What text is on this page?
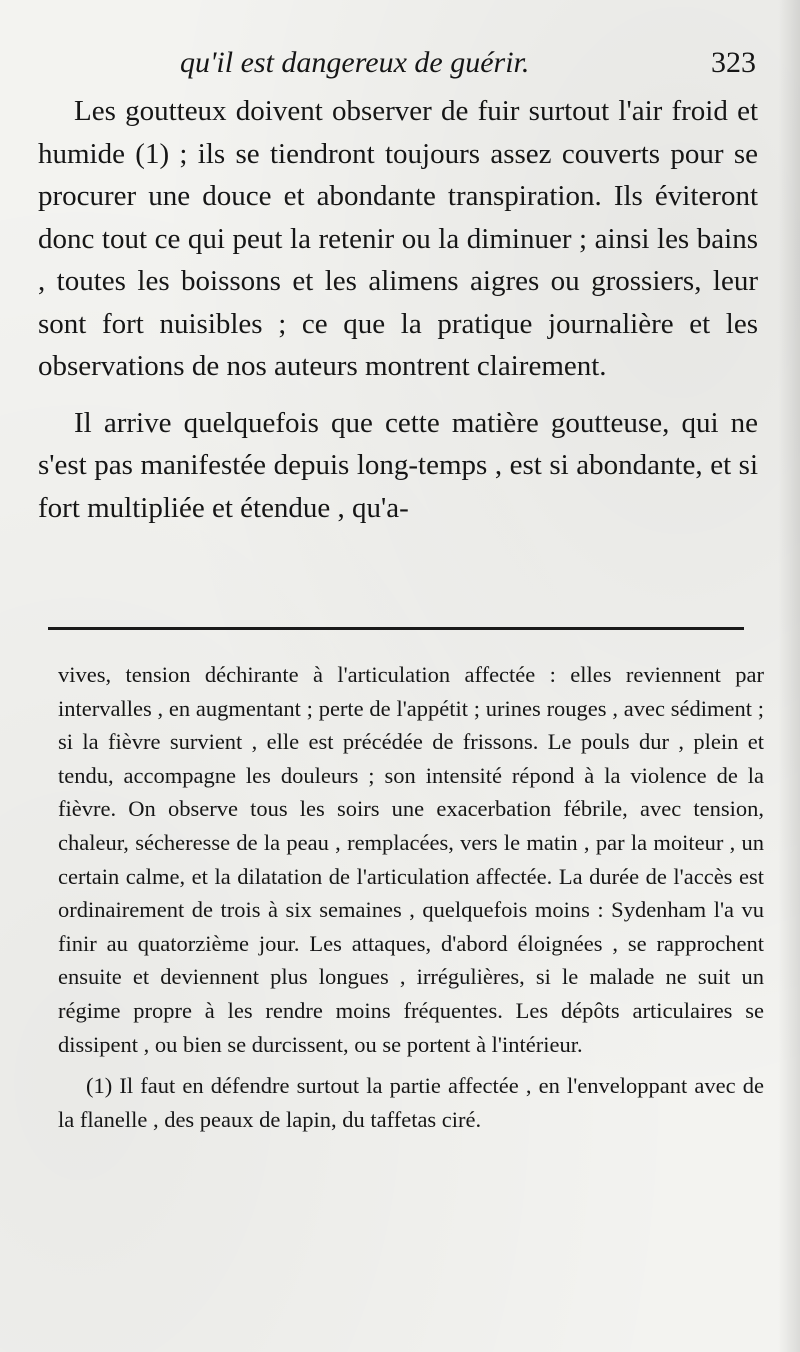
qu'il est dangereux de guérir.	323

Les goutteux doivent observer de fuir surtout l'air froid et humide (1) ; ils se tiendront toujours assez couverts pour se procurer une douce et abondante transpiration. Ils éviteront donc tout ce qui peut la retenir ou la diminuer ; ainsi les bains , toutes les boissons et les alimens aigres ou grossiers, leur sont fort nuisibles ; ce que la pratique journalière et les observations de nos auteurs montrent clairement.

Il arrive quelquefois que cette matière goutteuse, qui ne s'est pas manifestée depuis long-temps , est si abondante, et si fort multipliée et étendue , qu'a-

vives, tension déchirante à l'articulation affectée : elles reviennent par intervalles , en augmentant ; perte de l'appétit ; urines rouges , avec sédiment ; si la fièvre survient , elle est précédée de frissons. Le pouls dur , plein et tendu, accompagne les douleurs ; son intensité répond à la violence de la fièvre. On observe tous les soirs une exacerbation fébrile, avec tension, chaleur, sécheresse de la peau , remplacées, vers le matin , par la moiteur , un certain calme, et la dilatation de l'articulation affectée. La durée de l'accès est ordinairement de trois à six semaines , quelquefois moins : Sydenham l'a vu finir au quatorzième jour. Les attaques, d'abord éloignées , se rapprochent ensuite et deviennent plus longues , irrégulières, si le malade ne suit un régime propre à les rendre moins fréquentes. Les dépôts articulaires se dissipent , ou bien se durcissent, ou se portent à l'intérieur.

(1) Il faut en défendre surtout la partie affectée , en l'enveloppant avec de la flanelle , des peaux de lapin, du taffetas ciré.
